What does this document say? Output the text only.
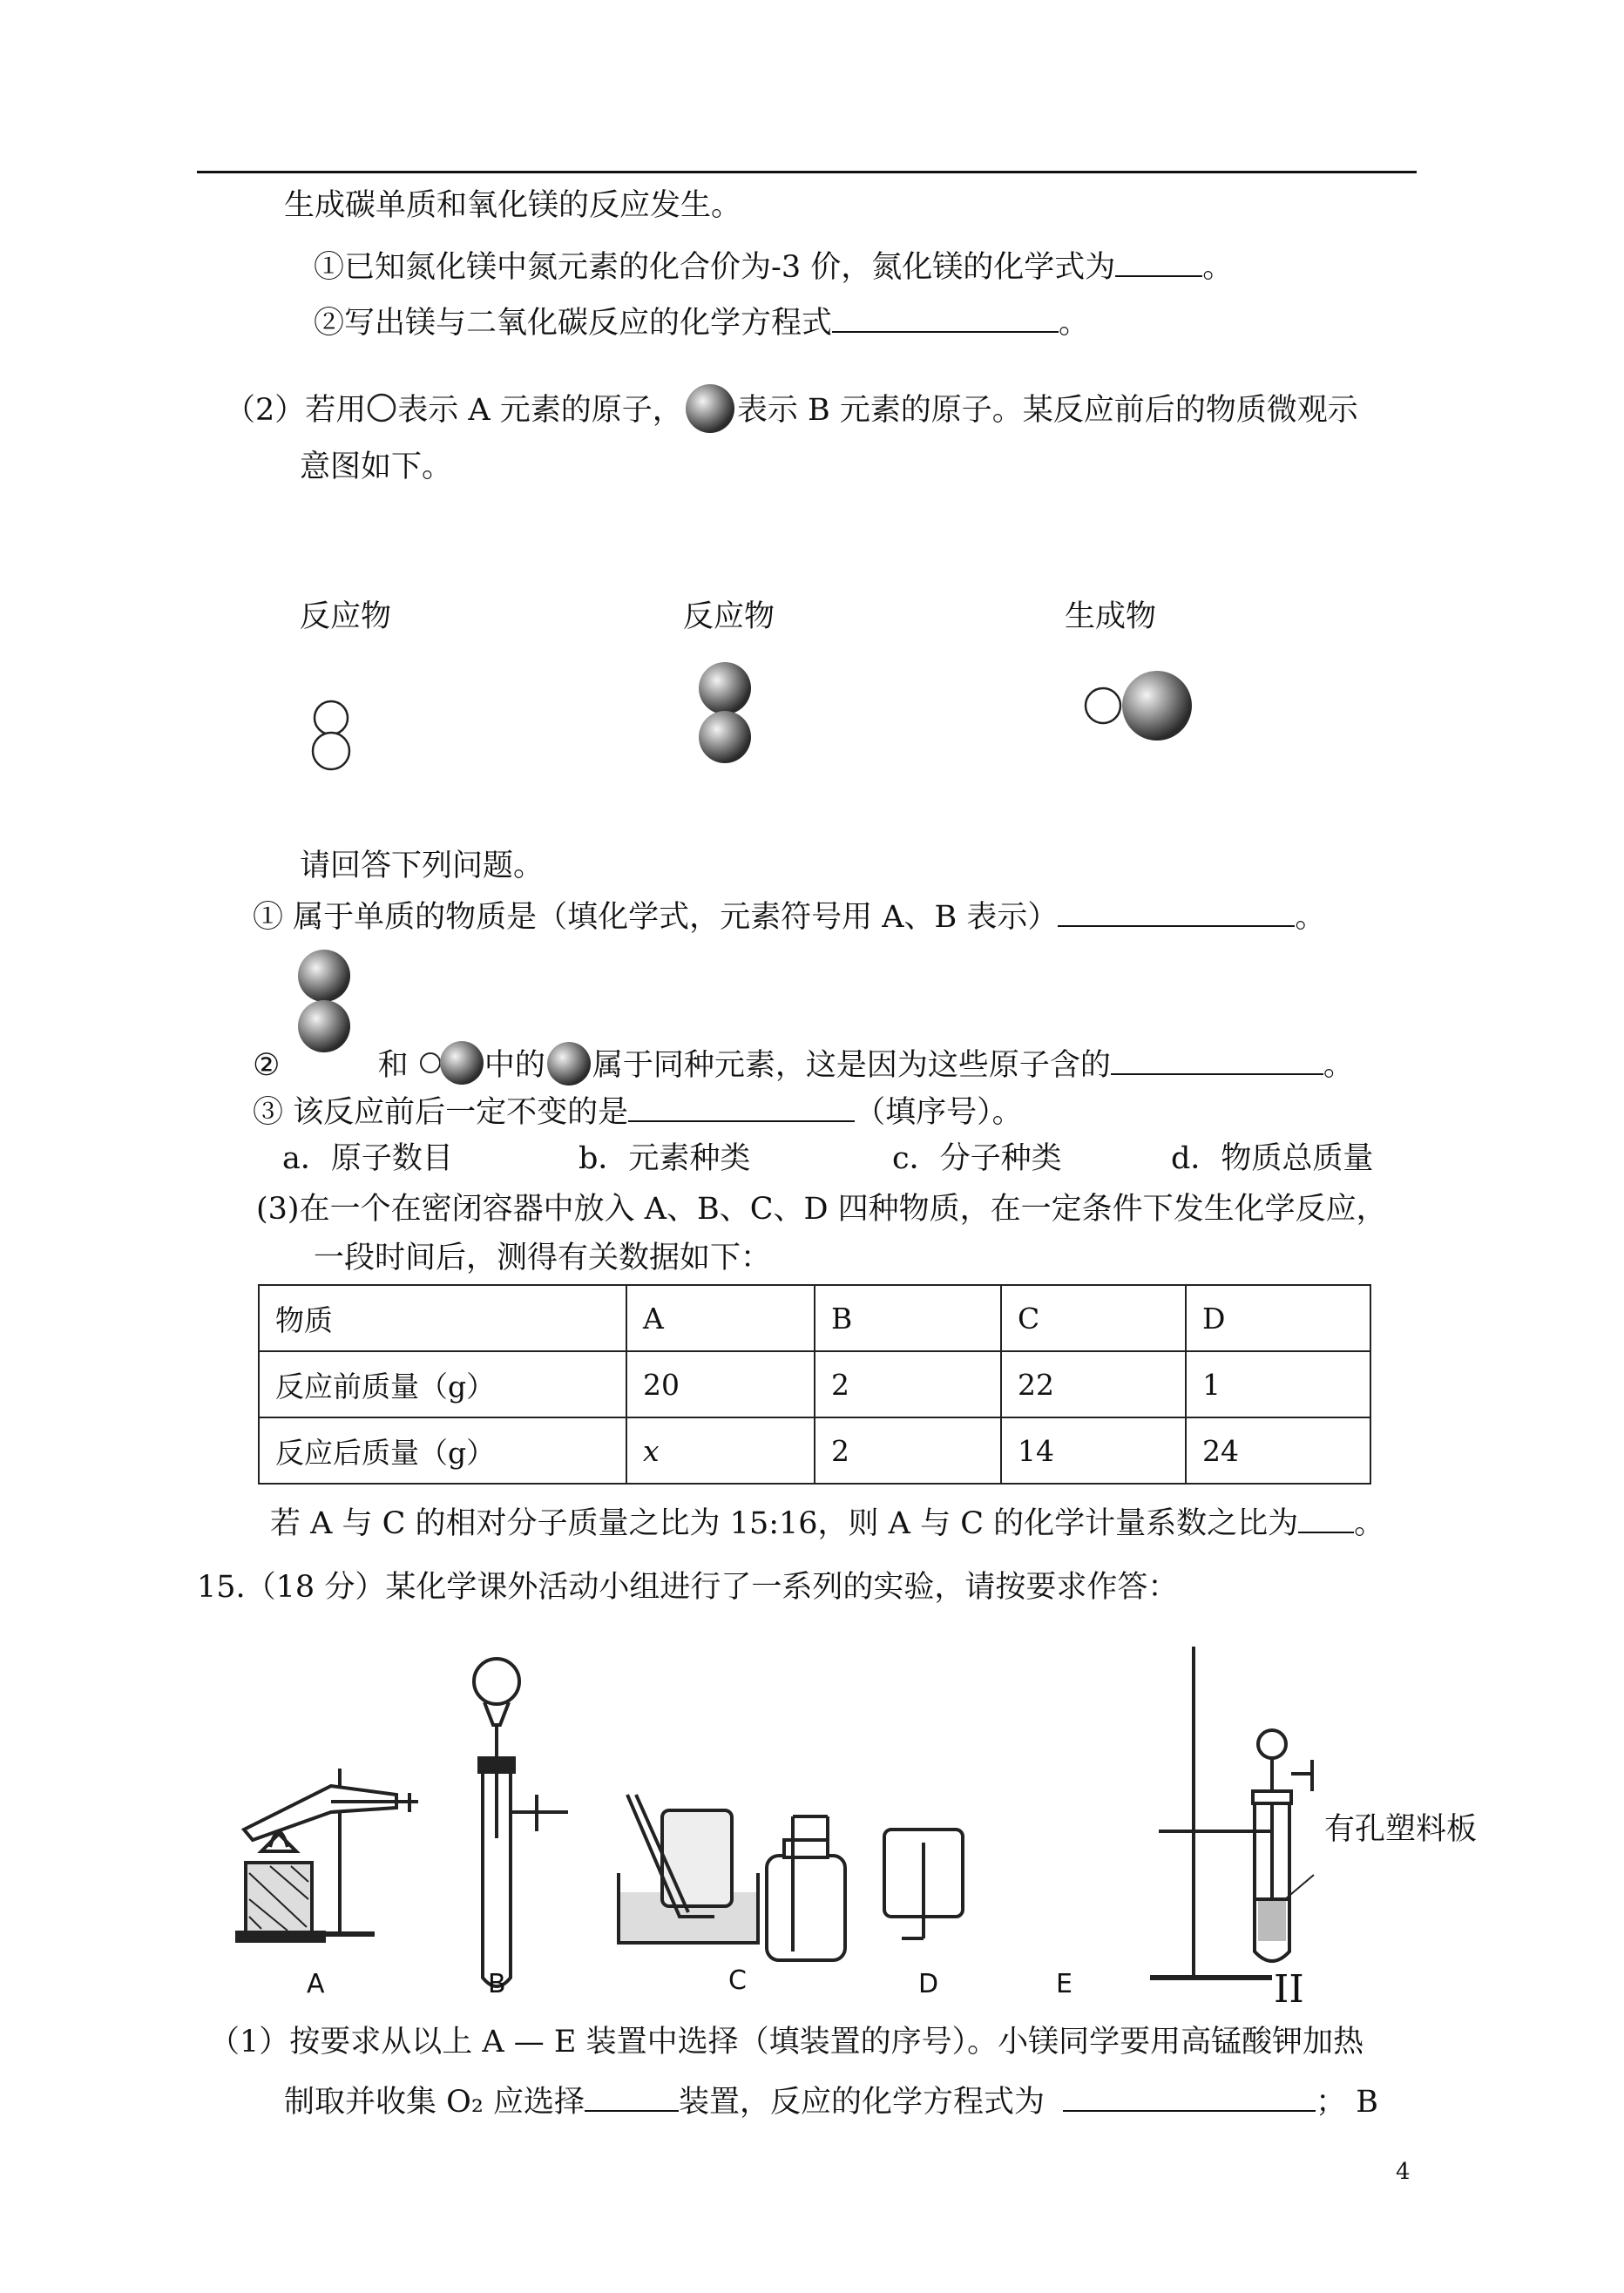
生成碳单质和氧化镁的反应发生。
①已知氮化镁中氮元素的化合价为-3 价，氮化镁的化学式为	。
②写出镁与二氧化碳反应的化学方程式	。
（2）若用 表示 A 元素的原子， 表示 B 元素的原子。某反应前后的物质微观示
意图如下。
反应物	反应物	生成物
请回答下列问题。
① 属于单质的物质是（填化学式，元素符号用 A、B 表示）	。
②	和 中的 属于同种元素，这是因为这些原子含的	。
③ 该反应前后一定不变的是	（填序号）。
a．原子数目	b．元素种类	c．分子种类	d．物质总质量
(3)在一个在密闭容器中放入 A、B、C、D 四种物质，在一定条件下发生化学反应，
一段时间后，测得有关数据如下：
物质	A	B	C	D
反应前质量（g）	20	2	22	1
反应后质量（g）	x	2	14	24
若 A 与 C 的相对分子质量之比为 15:16，则 A 与 C 的化学计量系数之比为 。
15.（18 分）某化学课外活动小组进行了一系列的实验，请按要求作答：
A	B	C	D	E	II
有孔塑料板
（1）按要求从以上 A — E 装置中选择（填装置的序号）。小镁同学要用高锰酸钾加热
制取并收集 O₂ 应选择	装置，反应的化学方程式为	； B
4
